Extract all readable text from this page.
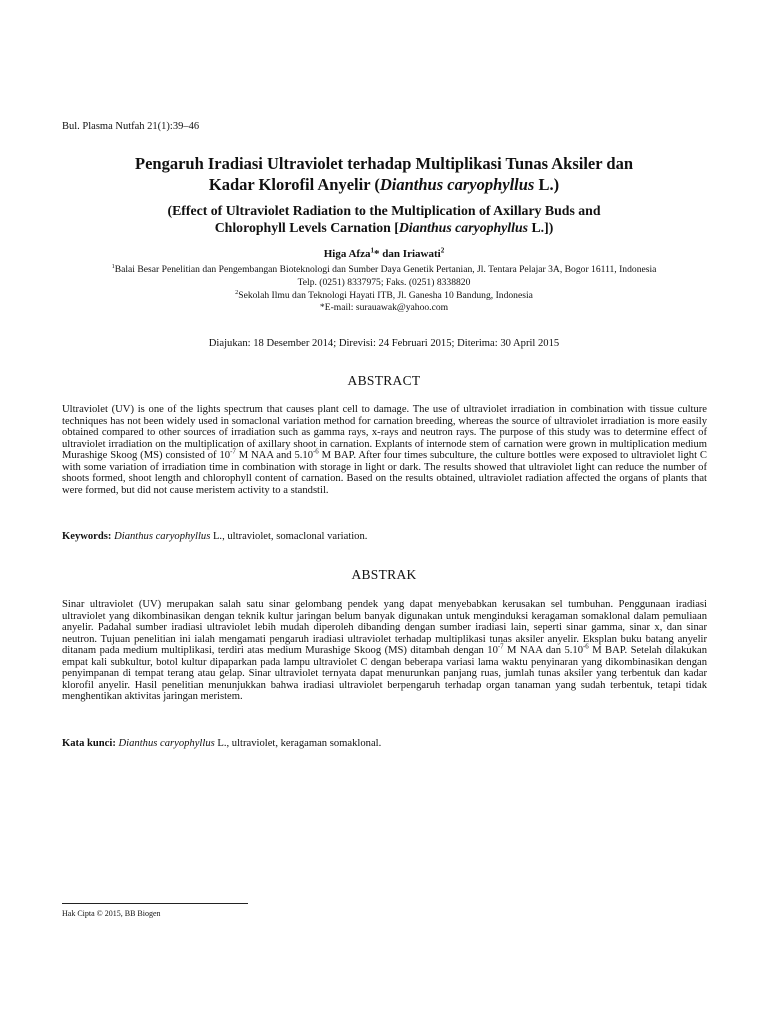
Bul. Plasma Nutfah 21(1):39–46
Pengaruh Iradiasi Ultraviolet terhadap Multiplikasi Tunas Aksiler dan
Kadar Klorofil Anyelir (Dianthus caryophyllus L.)
(Effect of Ultraviolet Radiation to the Multiplication of Axillary Buds and
Chlorophyll Levels Carnation [Dianthus caryophyllus L.])
Higa Afza$^1$* dan Iriawati$^2$
$^1$Balai Besar Penelitian dan Pengembangan Bioteknologi dan Sumber Daya Genetik Pertanian, Jl. Tentara Pelajar 3A, Bogor 16111, Indonesia
Telp. (0251) 8337975; Faks. (0251) 8338820
$^2$Sekolah Ilmu dan Teknologi Hayati ITB, Jl. Ganesha 10 Bandung, Indonesia
*E-mail: surauawak@yahoo.com
Diajukan: 18 Desember 2014; Direvisi: 24 Februari 2015; Diterima: 30 April 2015
ABSTRACT
Ultraviolet (UV) is one of the lights spectrum that causes plant cell to damage. The use of ultraviolet irradiation in combination with tissue culture techniques has not been widely used in somaclonal variation method for carnation breeding, whereas the source of ultraviolet irradiation is more easily obtained compared to other sources of irradiation such as gamma rays, x-rays and neutron rays. The purpose of this study was to determine effect of ultraviolet irradiation on the multiplication of axillary shoot in carnation. Explants of internode stem of carnation were grown in multiplication medium Murashige Skoog (MS) consisted of $10^{-7}$ M NAA and $5.10^{-6}$ M BAP. After four times subculture, the culture bottles were exposed to ultraviolet light C with some variation of irradiation time in combination with storage in light or dark. The results showed that ultraviolet light can reduce the number of shoots formed, shoot length and chlorophyll content of carnation. Based on the results obtained, ultraviolet radiation affected the organs of plants that were formed, but did not cause meristem activity to a standstil.
Keywords: Dianthus caryophyllus L., ultraviolet, somaclonal variation.
ABSTRAK
Sinar ultraviolet (UV) merupakan salah satu sinar gelombang pendek yang dapat menyebabkan kerusakan sel tumbuhan. Penggunaan iradiasi ultraviolet yang dikombinasikan dengan teknik kultur jaringan belum banyak digunakan untuk menginduksi keragaman somaklonal dalam pemuliaan anyelir. Padahal sumber iradiasi ultraviolet lebih mudah diperoleh dibanding dengan sumber iradiasi lain, seperti sinar gamma, sinar x, dan sinar neutron. Tujuan penelitian ini ialah mengamati pengaruh iradiasi ultraviolet terhadap multiplikasi tunas aksiler anyelir. Eksplan buku batang anyelir ditanam pada medium multiplikasi, terdiri atas medium Murashige Skoog (MS) ditambah dengan $10^{-7}$ M NAA dan $5.10^{-6}$ M BAP. Setelah dilakukan empat kali subkultur, botol kultur dipaparkan pada lampu ultraviolet C dengan beberapa variasi lama waktu penyinaran yang dikombinasikan dengan penyimpanan di tempat terang atau gelap. Sinar ultraviolet ternyata dapat menurunkan panjang ruas, jumlah tunas aksiler yang terbentuk dan kadar klorofil anyelir. Hasil penelitian menunjukkan bahwa iradiasi ultraviolet berpengaruh terhadap organ tanaman yang sudah terbentuk, tetapi tidak menghentikan aktivitas jaringan meristem.
Kata kunci: Dianthus caryophyllus L., ultraviolet, keragaman somaklonal.
Hak Cipta © 2015, BB Biogen
